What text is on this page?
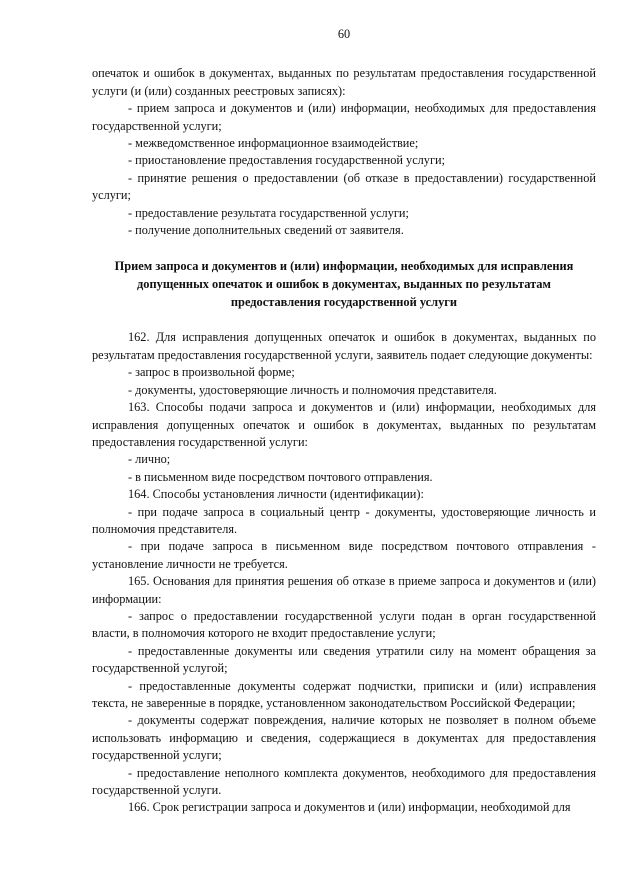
60

опечаток и ошибок в документах, выданных по результатам предоставления государственной услуги (и (или) созданных реестровых записях):

- прием запроса и документов и (или) информации, необходимых для предоставления государственной услуги;

- межведомственное информационное взаимодействие;

- приостановление предоставления государственной услуги;

- принятие решения о предоставлении (об отказе в предоставлении) государственной услуги;

- предоставление результата государственной услуги;

- получение дополнительных сведений от заявителя.

Прием запроса и документов и (или) информации, необходимых для исправления допущенных опечаток и ошибок в документах, выданных по результатам предоставления государственной услуги

162. Для исправления допущенных опечаток и ошибок в документах, выданных по результатам предоставления государственной услуги, заявитель подает следующие документы:

- запрос в произвольной форме;

- документы, удостоверяющие личность и полномочия представителя.

163. Способы подачи запроса и документов и (или) информации, необходимых для исправления допущенных опечаток и ошибок в документах, выданных по результатам предоставления государственной услуги:

- лично;

- в письменном виде посредством почтового отправления.

164. Способы установления личности (идентификации):

- при подаче запроса в социальный центр - документы, удостоверяющие личность и полномочия представителя.

- при подаче запроса в письменном виде посредством почтового отправления - установление личности не требуется.

165. Основания для принятия решения об отказе в приеме запроса и документов и (или) информации:

- запрос о предоставлении государственной услуги подан в орган государственной власти, в полномочия которого не входит предоставление услуги;

- предоставленные документы или сведения утратили силу на момент обращения за государственной услугой;

- предоставленные документы содержат подчистки, приписки и (или) исправления текста, не заверенные в порядке, установленном законодательством Российской Федерации;

- документы содержат повреждения, наличие которых не позволяет в полном объеме использовать информацию и сведения, содержащиеся в документах для предоставления государственной услуги;

- предоставление неполного комплекта документов, необходимого для предоставления государственной услуги.

166. Срок регистрации запроса и документов и (или) информации, необходимой для
